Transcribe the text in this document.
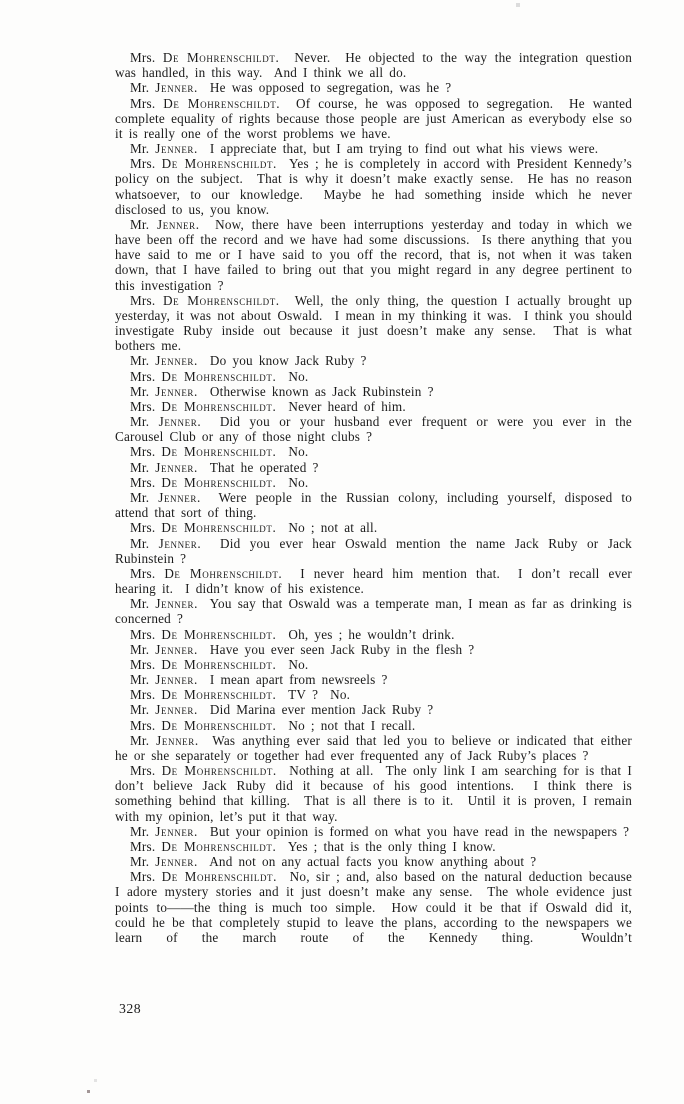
Mrs. De Mohrenschildt.  Never.  He objected to the way the integration question was handled, in this way.  And I think we all do.

Mr. Jenner.  He was opposed to segregation, was he ?

Mrs. De Mohrenschildt.  Of course, he was opposed to segregation.  He wanted complete equality of rights because those people are just American as everybody else so it is really one of the worst problems we have.

Mr. Jenner.  I appreciate that, but I am trying to find out what his views were.

Mrs. De Mohrenschildt.  Yes ; he is completely in accord with President Kennedy’s policy on the subject.  That is why it doesn’t make exactly sense.  He has no reason whatsoever, to our knowledge.  Maybe he had something inside which he never disclosed to us, you know.

Mr. Jenner.  Now, there have been interruptions yesterday and today in which we have been off the record and we have had some discussions.  Is there anything that you have said to me or I have said to you off the record, that is, not when it was taken down, that I have failed to bring out that you might regard in any degree pertinent to this investigation ?

Mrs. De Mohrenschildt.  Well, the only thing, the question I actually brought up yesterday, it was not about Oswald.  I mean in my thinking it was.  I think you should investigate Ruby inside out because it just doesn’t make any sense.  That is what bothers me.

Mr. Jenner.  Do you know Jack Ruby ?

Mrs. De Mohrenschildt.  No.

Mr. Jenner.  Otherwise known as Jack Rubinstein ?

Mrs. De Mohrenschildt.  Never heard of him.

Mr. Jenner.  Did you or your husband ever frequent or were you ever in the Carousel Club or any of those night clubs ?

Mrs. De Mohrenschildt.  No.

Mr. Jenner.  That he operated ?

Mrs. De Mohrenschildt.  No.

Mr. Jenner.  Were people in the Russian colony, including yourself, disposed to attend that sort of thing.

Mrs. De Mohrenschildt.  No ; not at all.

Mr. Jenner.  Did you ever hear Oswald mention the name Jack Ruby or Jack Rubinstein ?

Mrs. De Mohrenschildt.  I never heard him mention that.  I don’t recall ever hearing it.  I didn’t know of his existence.

Mr. Jenner.  You say that Oswald was a temperate man, I mean as far as drinking is concerned ?

Mrs. De Mohrenschildt.  Oh, yes ; he wouldn’t drink.

Mr. Jenner.  Have you ever seen Jack Ruby in the flesh ?

Mrs. De Mohrenschildt.  No.

Mr. Jenner.  I mean apart from newsreels ?

Mrs. De Mohrenschildt.  TV ?  No.

Mr. Jenner.  Did Marina ever mention Jack Ruby ?

Mrs. De Mohrenschildt.  No ; not that I recall.

Mr. Jenner.  Was anything ever said that led you to believe or indicated that either he or she separately or together had ever frequented any of Jack Ruby’s places ?

Mrs. De Mohrenschildt.  Nothing at all.  The only link I am searching for is that I don’t believe Jack Ruby did it because of his good intentions.  I think there is something behind that killing.  That is all there is to it.  Until it is proven, I remain with my opinion, let’s put it that way.

Mr. Jenner.  But your opinion is formed on what you have read in the newspapers ?

Mrs. De Mohrenschildt.  Yes ; that is the only thing I know.

Mr. Jenner.  And not on any actual facts you know anything about ?

Mrs. De Mohrenschildt.  No, sir ; and, also based on the natural deduction because I adore mystery stories and it just doesn’t make any sense.  The whole evidence just points to——the thing is much too simple.  How could it be that if Oswald did it, could he be that completely stupid to leave the plans, according to the newspapers we learn of the march route of the Kennedy thing.  Wouldn’t

328
